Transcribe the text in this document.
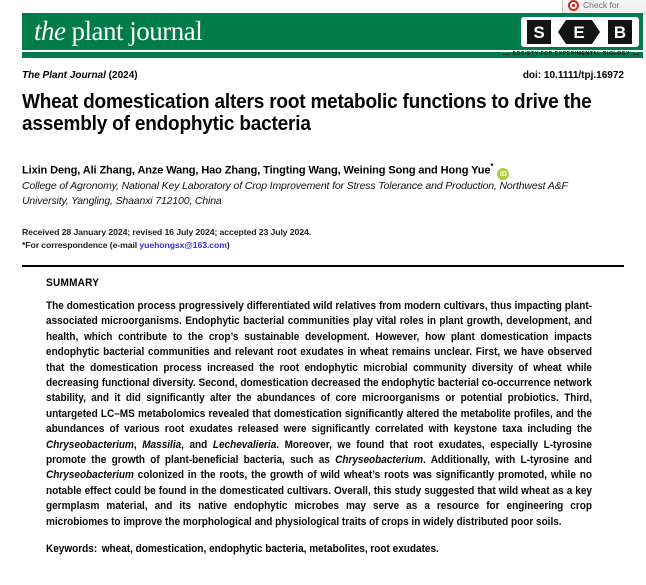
Check for
the plant journal	S E B
SOCIETY FOR EXPERIMENTAL BIOLOGY
The Plant Journal (2024)	doi: 10.1111/tpj.16972
Wheat domestication alters root metabolic functions to drive the assembly of endophytic bacteria
Lixin Deng, Ali Zhang, Anze Wang, Hao Zhang, Tingting Wang, Weining Song and Hong Yue*iD
College of Agronomy, National Key Laboratory of Crop Improvement for Stress Tolerance and Production, Northwest A&F University, Yangling, Shaanxi 712100, China
Received 28 January 2024; revised 16 July 2024; accepted 23 July 2024.
*For correspondence (e-mail yuehongsx@163.com)
SUMMARY
The domestication process progressively differentiated wild relatives from modern cultivars, thus impacting plant-associated microorganisms. Endophytic bacterial communities play vital roles in plant growth, development, and health, which contribute to the crop’s sustainable development. However, how plant domestication impacts endophytic bacterial communities and relevant root exudates in wheat remains unclear. First, we have observed that the domestication process increased the root endophytic microbial community diversity of wheat while decreasing functional diversity. Second, domestication decreased the endophytic bacterial co-occurrence network stability, and it did significantly alter the abundances of core microorganisms or potential probiotics. Third, untargeted LC–MS metabolomics revealed that domestication significantly altered the metabolite profiles, and the abundances of various root exudates released were significantly correlated with keystone taxa including the Chryseobacterium, Massilia, and Lechevalieria. Moreover, we found that root exudates, especially L-tyrosine promote the growth of plant-beneficial bacteria, such as Chryseobacterium. Additionally, with L-tyrosine and Chryseobacterium colonized in the roots, the growth of wild wheat’s roots was significantly promoted, while no notable effect could be found in the domesticated cultivars. Overall, this study suggested that wild wheat as a key germplasm material, and its native endophytic microbes may serve as a resource for engineering crop microbiomes to improve the morphological and physiological traits of crops in widely distributed poor soils.
Keywords: wheat, domestication, endophytic bacteria, metabolites, root exudates.
